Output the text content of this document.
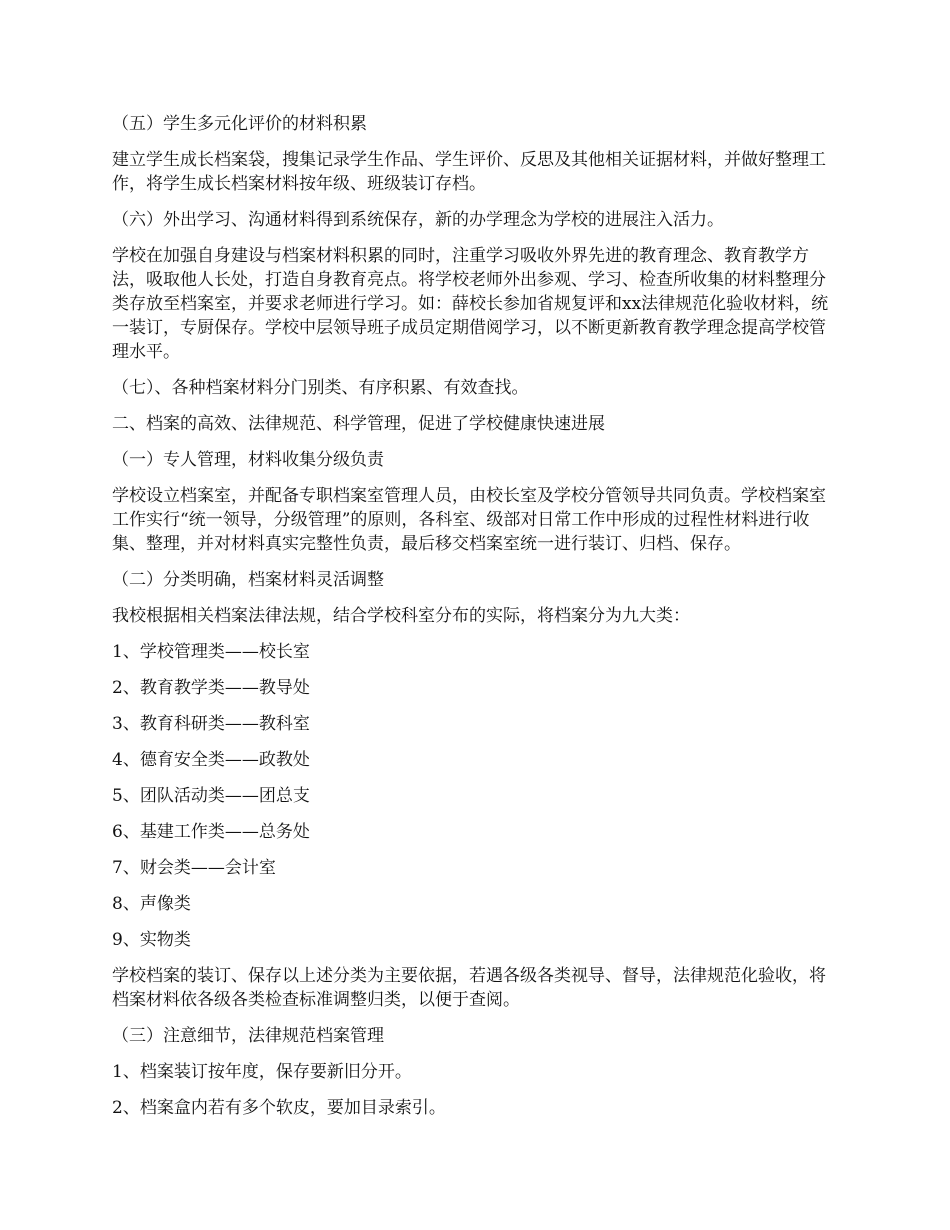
（五）学生多元化评价的材料积累

建立学生成长档案袋，搜集记录学生作品、学生评价、反思及其他相关证据材料，并做好整理工作，将学生成长档案材料按年级、班级装订存档。

（六）外出学习、沟通材料得到系统保存，新的办学理念为学校的进展注入活力。

学校在加强自身建设与档案材料积累的同时，注重学习吸收外界先进的教育理念、教育教学方法，吸取他人长处，打造自身教育亮点。将学校老师外出参观、学习、检查所收集的材料整理分类存放至档案室，并要求老师进行学习。如：薛校长参加省规复评和xx法律规范化验收材料，统一装订，专厨保存。学校中层领导班子成员定期借阅学习，以不断更新教育教学理念提高学校管理水平。

（七）、各种档案材料分门别类、有序积累、有效查找。

二、档案的高效、法律规范、科学管理，促进了学校健康快速进展

（一）专人管理，材料收集分级负责

学校设立档案室，并配备专职档案室管理人员，由校长室及学校分管领导共同负责。学校档案室工作实行“统一领导，分级管理”的原则，各科室、级部对日常工作中形成的过程性材料进行收集、整理，并对材料真实完整性负责，最后移交档案室统一进行装订、归档、保存。

（二）分类明确，档案材料灵活调整

我校根据相关档案法律法规，结合学校科室分布的实际，将档案分为九大类：

1、学校管理类——校长室

2、教育教学类——教导处

3、教育科研类——教科室

4、德育安全类——政教处

5、团队活动类——团总支

6、基建工作类——总务处

7、财会类——会计室

8、声像类

9、实物类

学校档案的装订、保存以上述分类为主要依据，若遇各级各类视导、督导，法律规范化验收，将档案材料依各级各类检查标准调整归类，以便于查阅。

（三）注意细节，法律规范档案管理

1、档案装订按年度，保存要新旧分开。

2、档案盒内若有多个软皮，要加目录索引。
